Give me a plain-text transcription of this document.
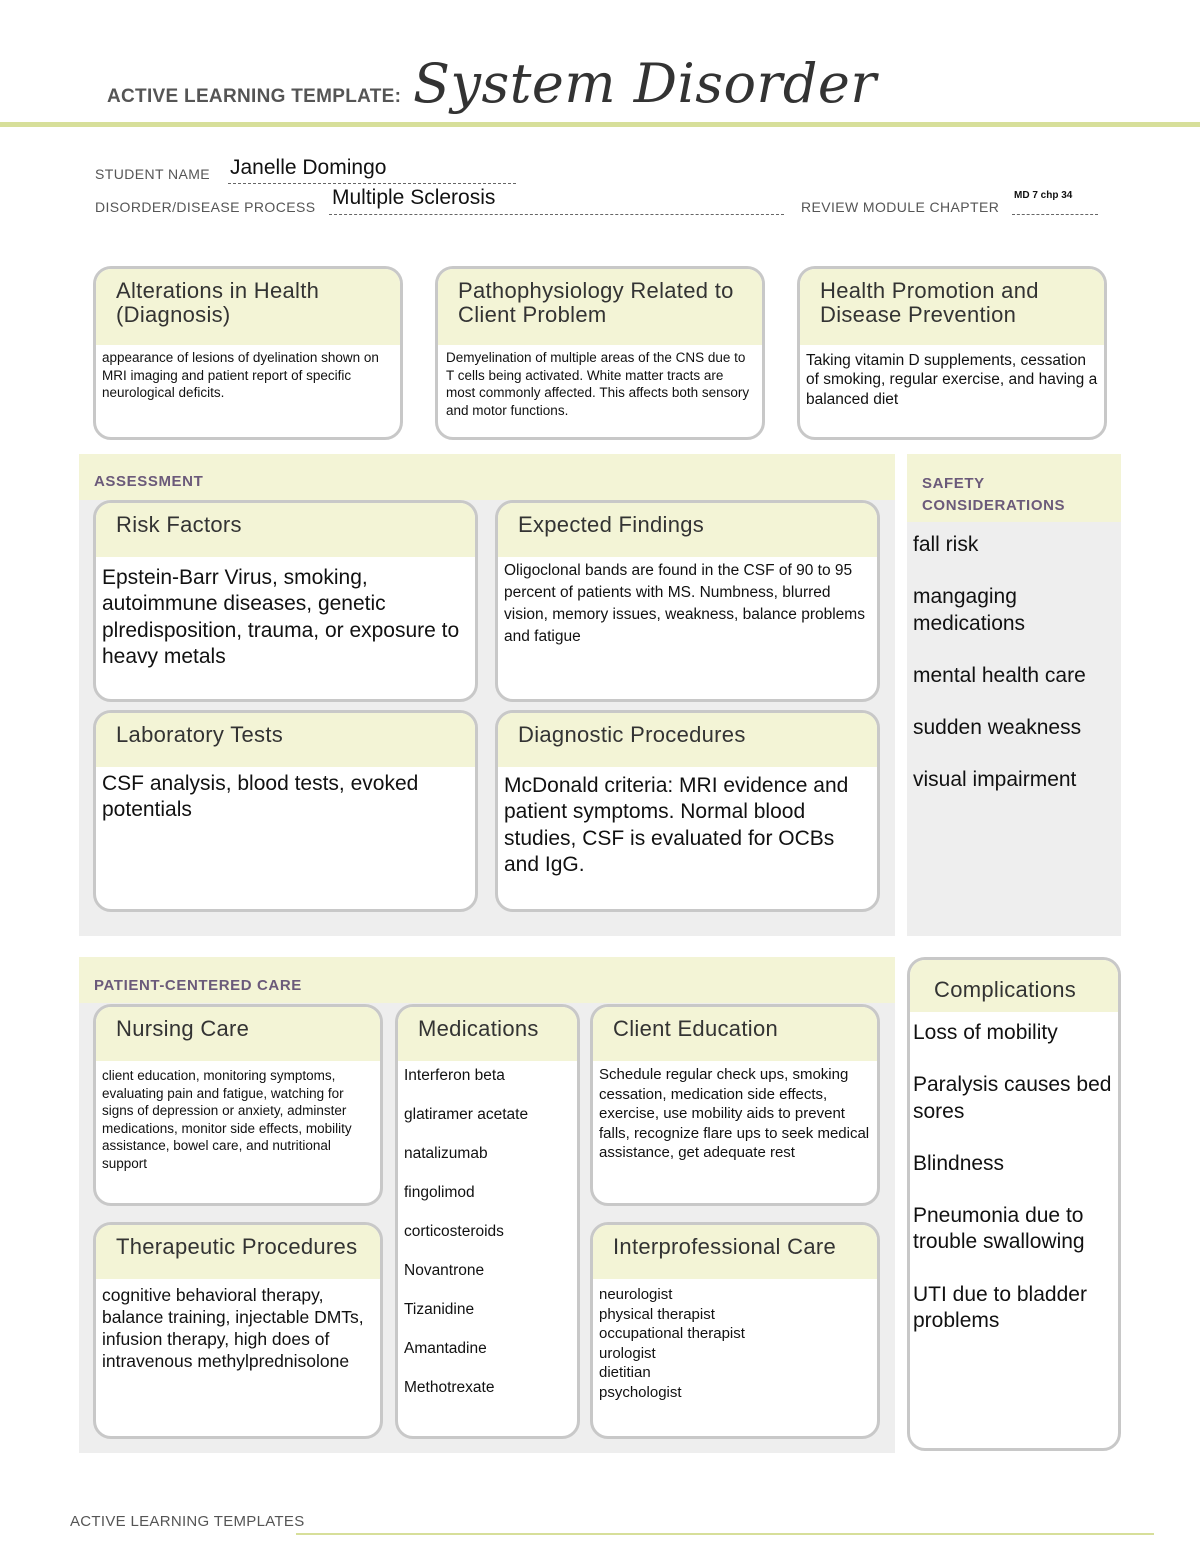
ACTIVE LEARNING TEMPLATE: System Disorder
STUDENT NAME Janelle Domingo
DISORDER/DISEASE PROCESS Multiple Sclerosis	REVIEW MODULE CHAPTER
MD 7 chp 34
Alterations in Health (Diagnosis)
appearance of lesions of dyelination shown on MRI imaging and patient report of specific neurological deficits.
Pathophysiology Related to Client Problem
Demyelination of multiple areas of the CNS due to T cells being activated. White matter tracts are most commonly affected. This affects both sensory and motor functions.
Health Promotion and Disease Prevention
Taking vitamin D supplements, cessation of smoking, regular exercise, and having a balanced diet
ASSESSMENT
Risk Factors
Epstein-Barr Virus, smoking, autoimmune diseases, genetic plredisposition, trauma, or exposure to heavy metals
Expected Findings
Oligoclonal bands are found in the CSF of 90 to 95 percent of patients with MS. Numbness, blurred vision, memory issues, weakness, balance problems and fatigue
Laboratory Tests
CSF analysis, blood tests, evoked potentials
Diagnostic Procedures
McDonald criteria: MRI evidence and patient symptoms. Normal blood studies, CSF is evaluated for OCBs and IgG.
SAFETY CONSIDERATIONS
fall risk
mangaging medications
mental health care
sudden weakness
visual impairment
PATIENT-CENTERED CARE
Nursing Care
client education, monitoring symptoms, evaluating pain and fatigue, watching for signs of depression or anxiety, adminster medications, monitor side effects, mobility assistance, bowel care, and nutritional support
Medications
Interferon beta
glatiramer acetate
natalizumab
fingolimod
corticosteroids
Novantrone
Tizanidine
Amantadine
Methotrexate
Client Education
Schedule regular check ups, smoking cessation, medication side effects, exercise, use mobility aids to prevent falls, recognize flare ups to seek medical assistance, get adequate rest
Therapeutic Procedures
cognitive behavioral therapy, balance training, injectable DMTs, infusion therapy, high does of intravenous methylprednisolone
Interprofessional Care
neurologist
physical therapist
occupational therapist
urologist
dietitian
psychologist
Complications
Loss of mobility
Paralysis causes bed sores
Blindness
Pneumonia due to trouble swallowing
UTI due to bladder problems
ACTIVE LEARNING TEMPLATES
